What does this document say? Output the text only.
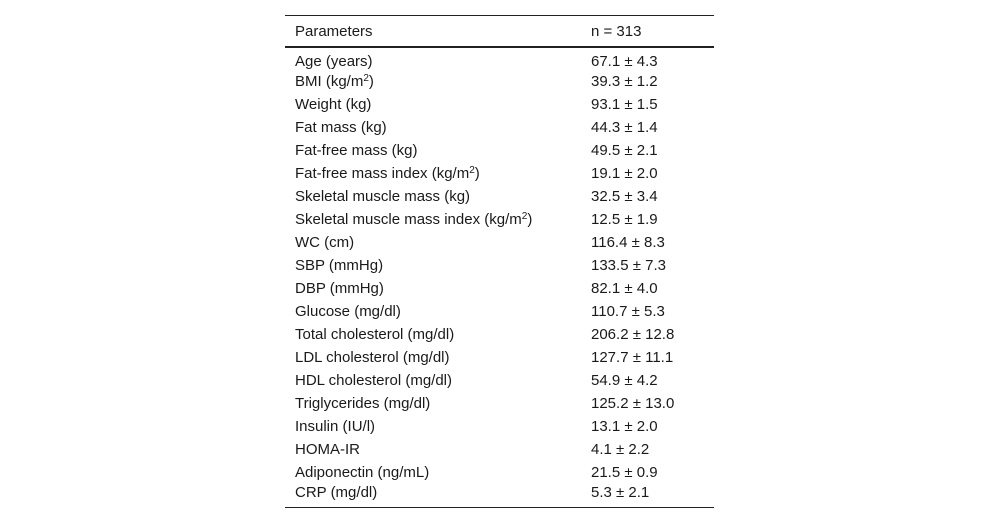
Parameters	n = 313
Age (years)	67.1 ± 4.3
BMI $(kg/m^2)$	39.3 ± 1.2
Weight (kg)	93.1 ± 1.5
Fat mass (kg)	44.3 ± 1.4
Fat-free mass (kg)	49.5 ± 2.1
Fat-free mass index $(kg/m^2)$	19.1 ± 2.0
Skeletal muscle mass (kg)	32.5 ± 3.4
Skeletal muscle mass index $(kg/m^2)$	12.5 ± 1.9
WC (cm)	116.4 ± 8.3
SBP (mmHg)	133.5 ± 7.3
DBP (mmHg)	82.1 ± 4.0
Glucose (mg/dl)	110.7 ± 5.3
Total cholesterol (mg/dl)	206.2 ± 12.8
LDL cholesterol (mg/dl)	127.7 ± 11.1
HDL cholesterol (mg/dl)	54.9 ± 4.2
Triglycerides (mg/dl)	125.2 ± 13.0
Insulin (IU/l)	13.1 ± 2.0
HOMA-IR	4.1 ± 2.2
Adiponectin (ng/mL)	21.5 ± 0.9
CRP (mg/dl)	5.3 ± 2.1
